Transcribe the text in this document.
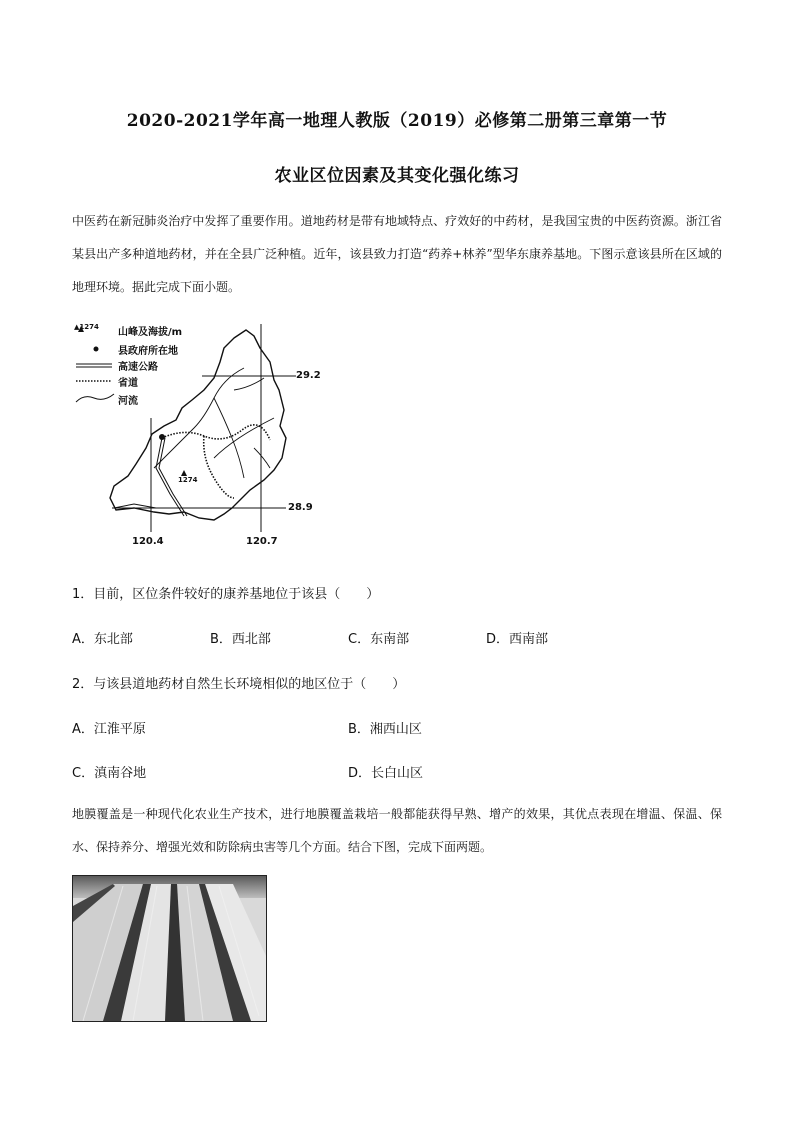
2020-2021学年高一地理人教版（2019）必修第二册第三章第一节
农业区位因素及其变化强化练习

中医药在新冠肺炎治疗中发挥了重要作用。道地药材是带有地域特点、疗效好的中药材，是我国宝贵的中医药资源。浙江省某县出产多种道地药材，并在全县广泛种植。近年，该县致力打造“药养+林养”型华东康养基地。下图示意该县所在区域的地理环境。据此完成下面小题。

▲1274 山峰及海拔/m
县政府所在地
高速公路
省道
河流
1274
29.2
28.9
120.4	120.7
1．目前，区位条件较好的康养基地位于该县（　　）
A．东北部	B．西北部	C．东南部	D．西南部
2．与该县道地药材自然生长环境相似的地区位于（　　）
A．江淮平原	B．湘西山区
C．滇南谷地	D．长白山区

地膜覆盖是一种现代化农业生产技术，进行地膜覆盖栽培一般都能获得早熟、增产的效果，其优点表现在增温、保温、保水、保持养分、增强光效和防除病虫害等几个方面。结合下图，完成下面两题。
